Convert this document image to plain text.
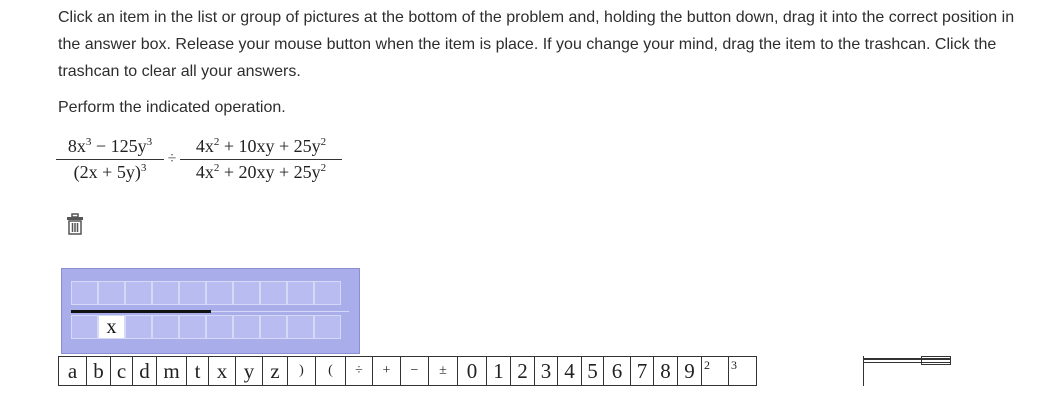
Click an item in the list or group of pictures at the bottom of the problem and, holding the button down, drag it into the correct position in the answer box. Release your mouse button when the item is place. If you change your mind, drag the item to the trashcan. Click the trashcan to clear all your answers.
Perform the indicated operation.
$8x^3 - 125y^3$
$(2x + 5y)^3$
÷
$4x^2 + 10xy + 25y^2$
$4x^2 + 20xy + 25y^2$
x
a b c d m t x y z	)	(	÷	+	−	± 0 1 2 3 4 5 6 7 8 9 2	3
